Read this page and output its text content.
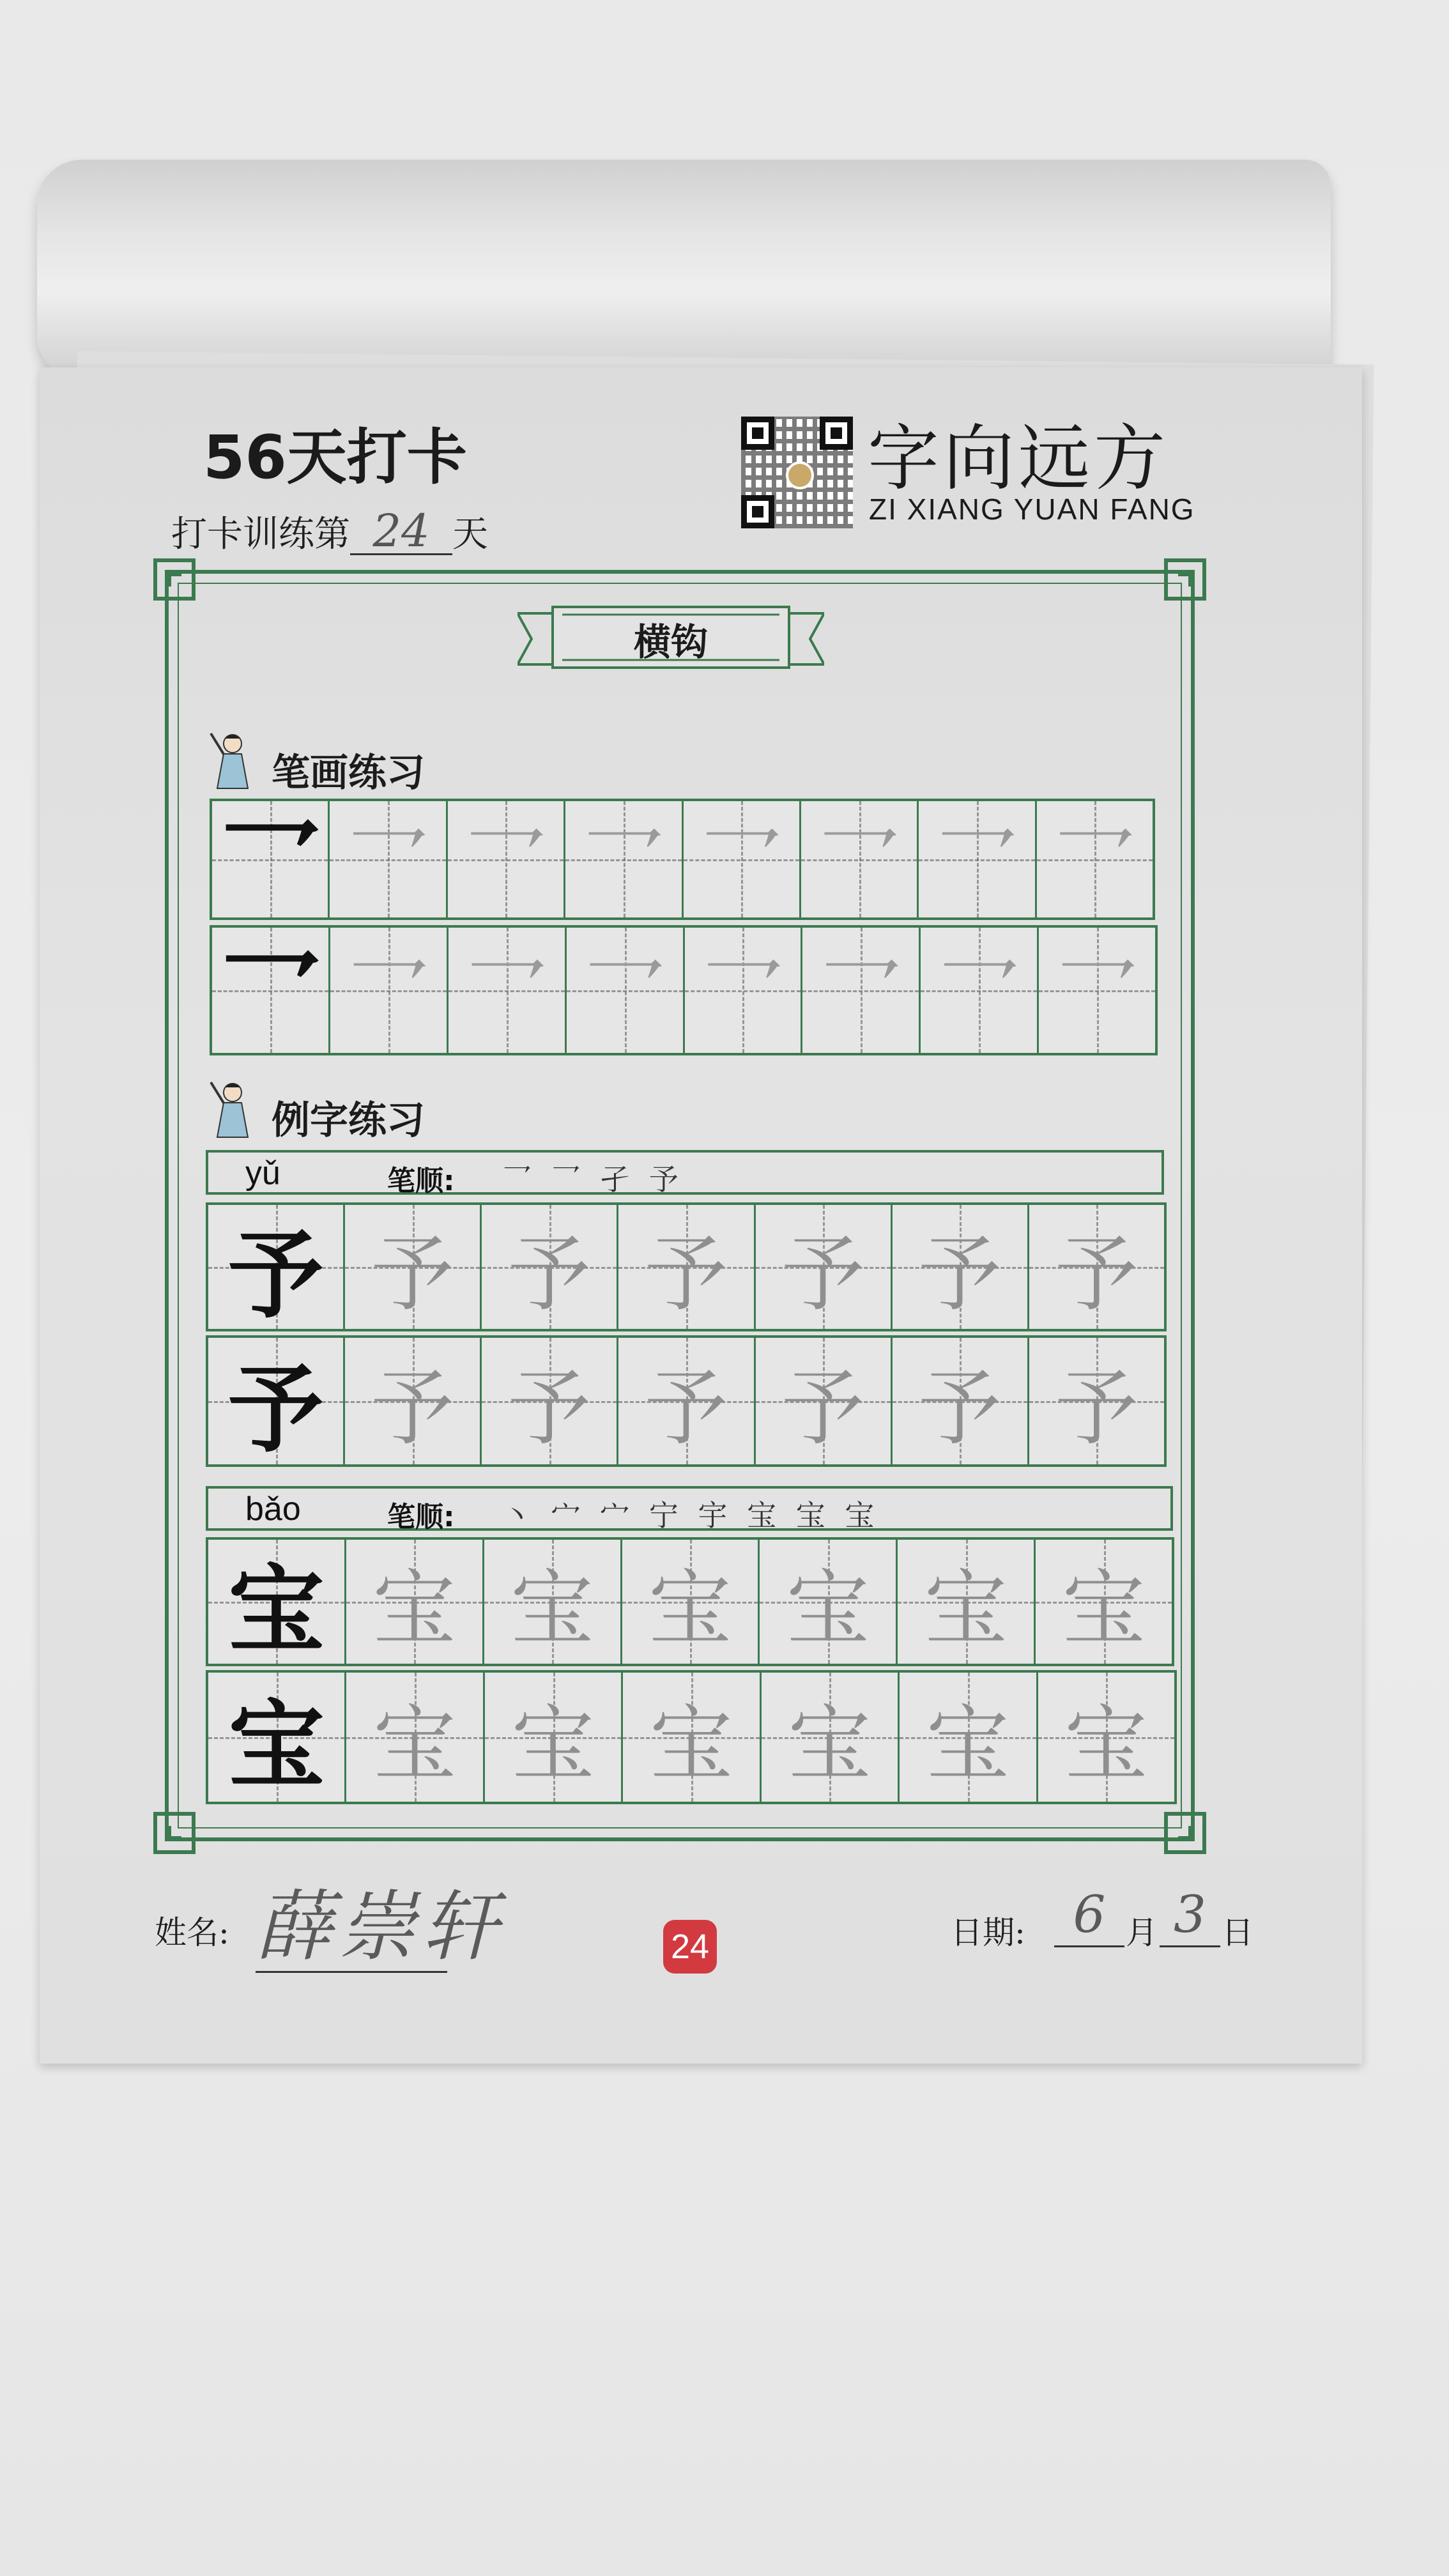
56天打卡
打卡训练第 24 天
字向远方
ZI XIANG YUAN FANG
横钩
笔画练习
乛 乛 乛 乛 乛 乛 乛 乛
乛 乛 乛 乛 乛 乛 乛 乛
例字练习
yǔ	笔顺: 乛 乛 孑 予
予 予 予 予 予 予 予
予 予 予 予 予 予 予
bǎo	笔顺: 丶 宀 宀 宁 宇 宝 宝 宝
宝 宝 宝 宝 宝 宝 宝
宝 宝 宝 宝 宝 宝 宝
姓名: 薛崇轩	24	日期: 6 月 3 日
